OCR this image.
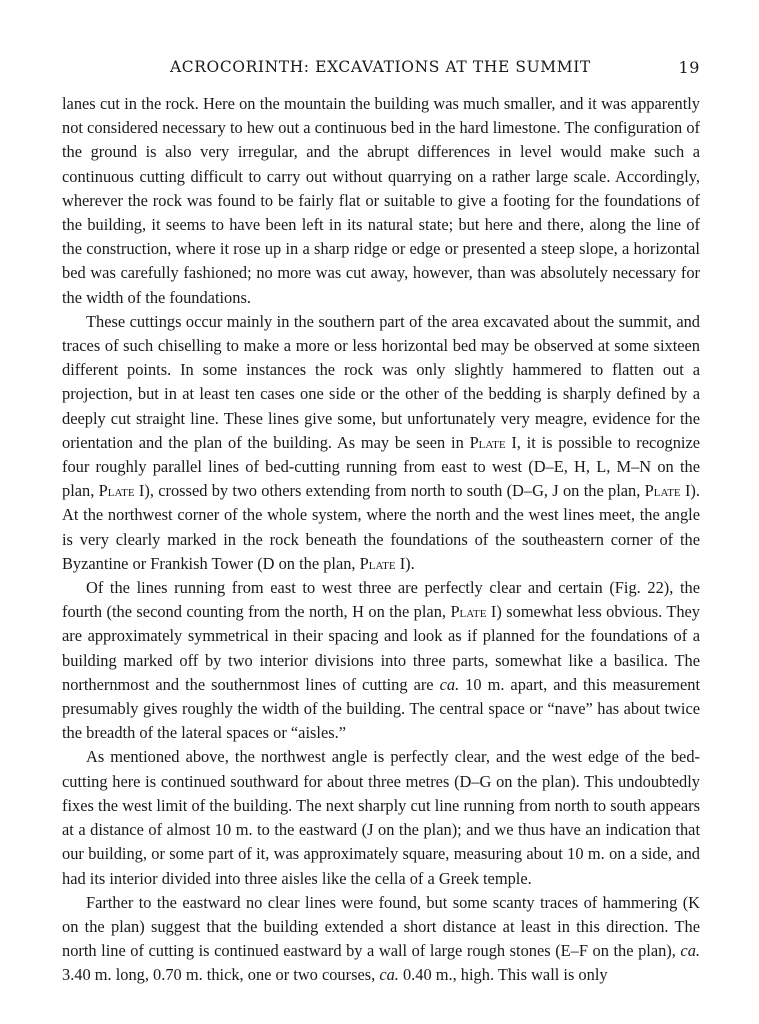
ACROCORINTH: EXCAVATIONS AT THE SUMMIT	19

lanes cut in the rock. Here on the mountain the building was much smaller, and it was apparently not considered necessary to hew out a continuous bed in the hard limestone. The configuration of the ground is also very irregular, and the abrupt differences in level would make such a continuous cutting difficult to carry out without quarrying on a rather large scale. Accordingly, wherever the rock was found to be fairly flat or suitable to give a footing for the foundations of the building, it seems to have been left in its natural state; but here and there, along the line of the construction, where it rose up in a sharp ridge or edge or presented a steep slope, a horizontal bed was carefully fashioned; no more was cut away, however, than was absolutely necessary for the width of the foundations.

These cuttings occur mainly in the southern part of the area excavated about the summit, and traces of such chiselling to make a more or less horizontal bed may be observed at some sixteen different points. In some instances the rock was only slightly hammered to flatten out a projection, but in at least ten cases one side or the other of the bedding is sharply defined by a deeply cut straight line. These lines give some, but unfortunately very meagre, evidence for the orientation and the plan of the building. As may be seen in Plate I, it is possible to recognize four roughly parallel lines of bed-cutting running from east to west (D–E, H, L, M–N on the plan, Plate I), crossed by two others extending from north to south (D–G, J on the plan, Plate I). At the northwest corner of the whole system, where the north and the west lines meet, the angle is very clearly marked in the rock beneath the foundations of the southeastern corner of the Byzantine or Frankish Tower (D on the plan, Plate I).

Of the lines running from east to west three are perfectly clear and certain (Fig. 22), the fourth (the second counting from the north, H on the plan, Plate I) somewhat less obvious. They are approximately symmetrical in their spacing and look as if planned for the foundations of a building marked off by two interior divisions into three parts, somewhat like a basilica. The northernmost and the southernmost lines of cutting are ca. 10 m. apart, and this measurement presumably gives roughly the width of the building. The central space or “nave” has about twice the breadth of the lateral spaces or “aisles.”

As mentioned above, the northwest angle is perfectly clear, and the west edge of the bed-cutting here is continued southward for about three metres (D–G on the plan). This undoubtedly fixes the west limit of the building. The next sharply cut line running from north to south appears at a distance of almost 10 m. to the eastward (J on the plan); and we thus have an indication that our building, or some part of it, was approximately square, measuring about 10 m. on a side, and had its interior divided into three aisles like the cella of a Greek temple.

Farther to the eastward no clear lines were found, but some scanty traces of hammering (K on the plan) suggest that the building extended a short distance at least in this direction. The north line of cutting is continued eastward by a wall of large rough stones (E–F on the plan), ca. 3.40 m. long, 0.70 m. thick, one or two courses, ca. 0.40 m., high. This wall is only
